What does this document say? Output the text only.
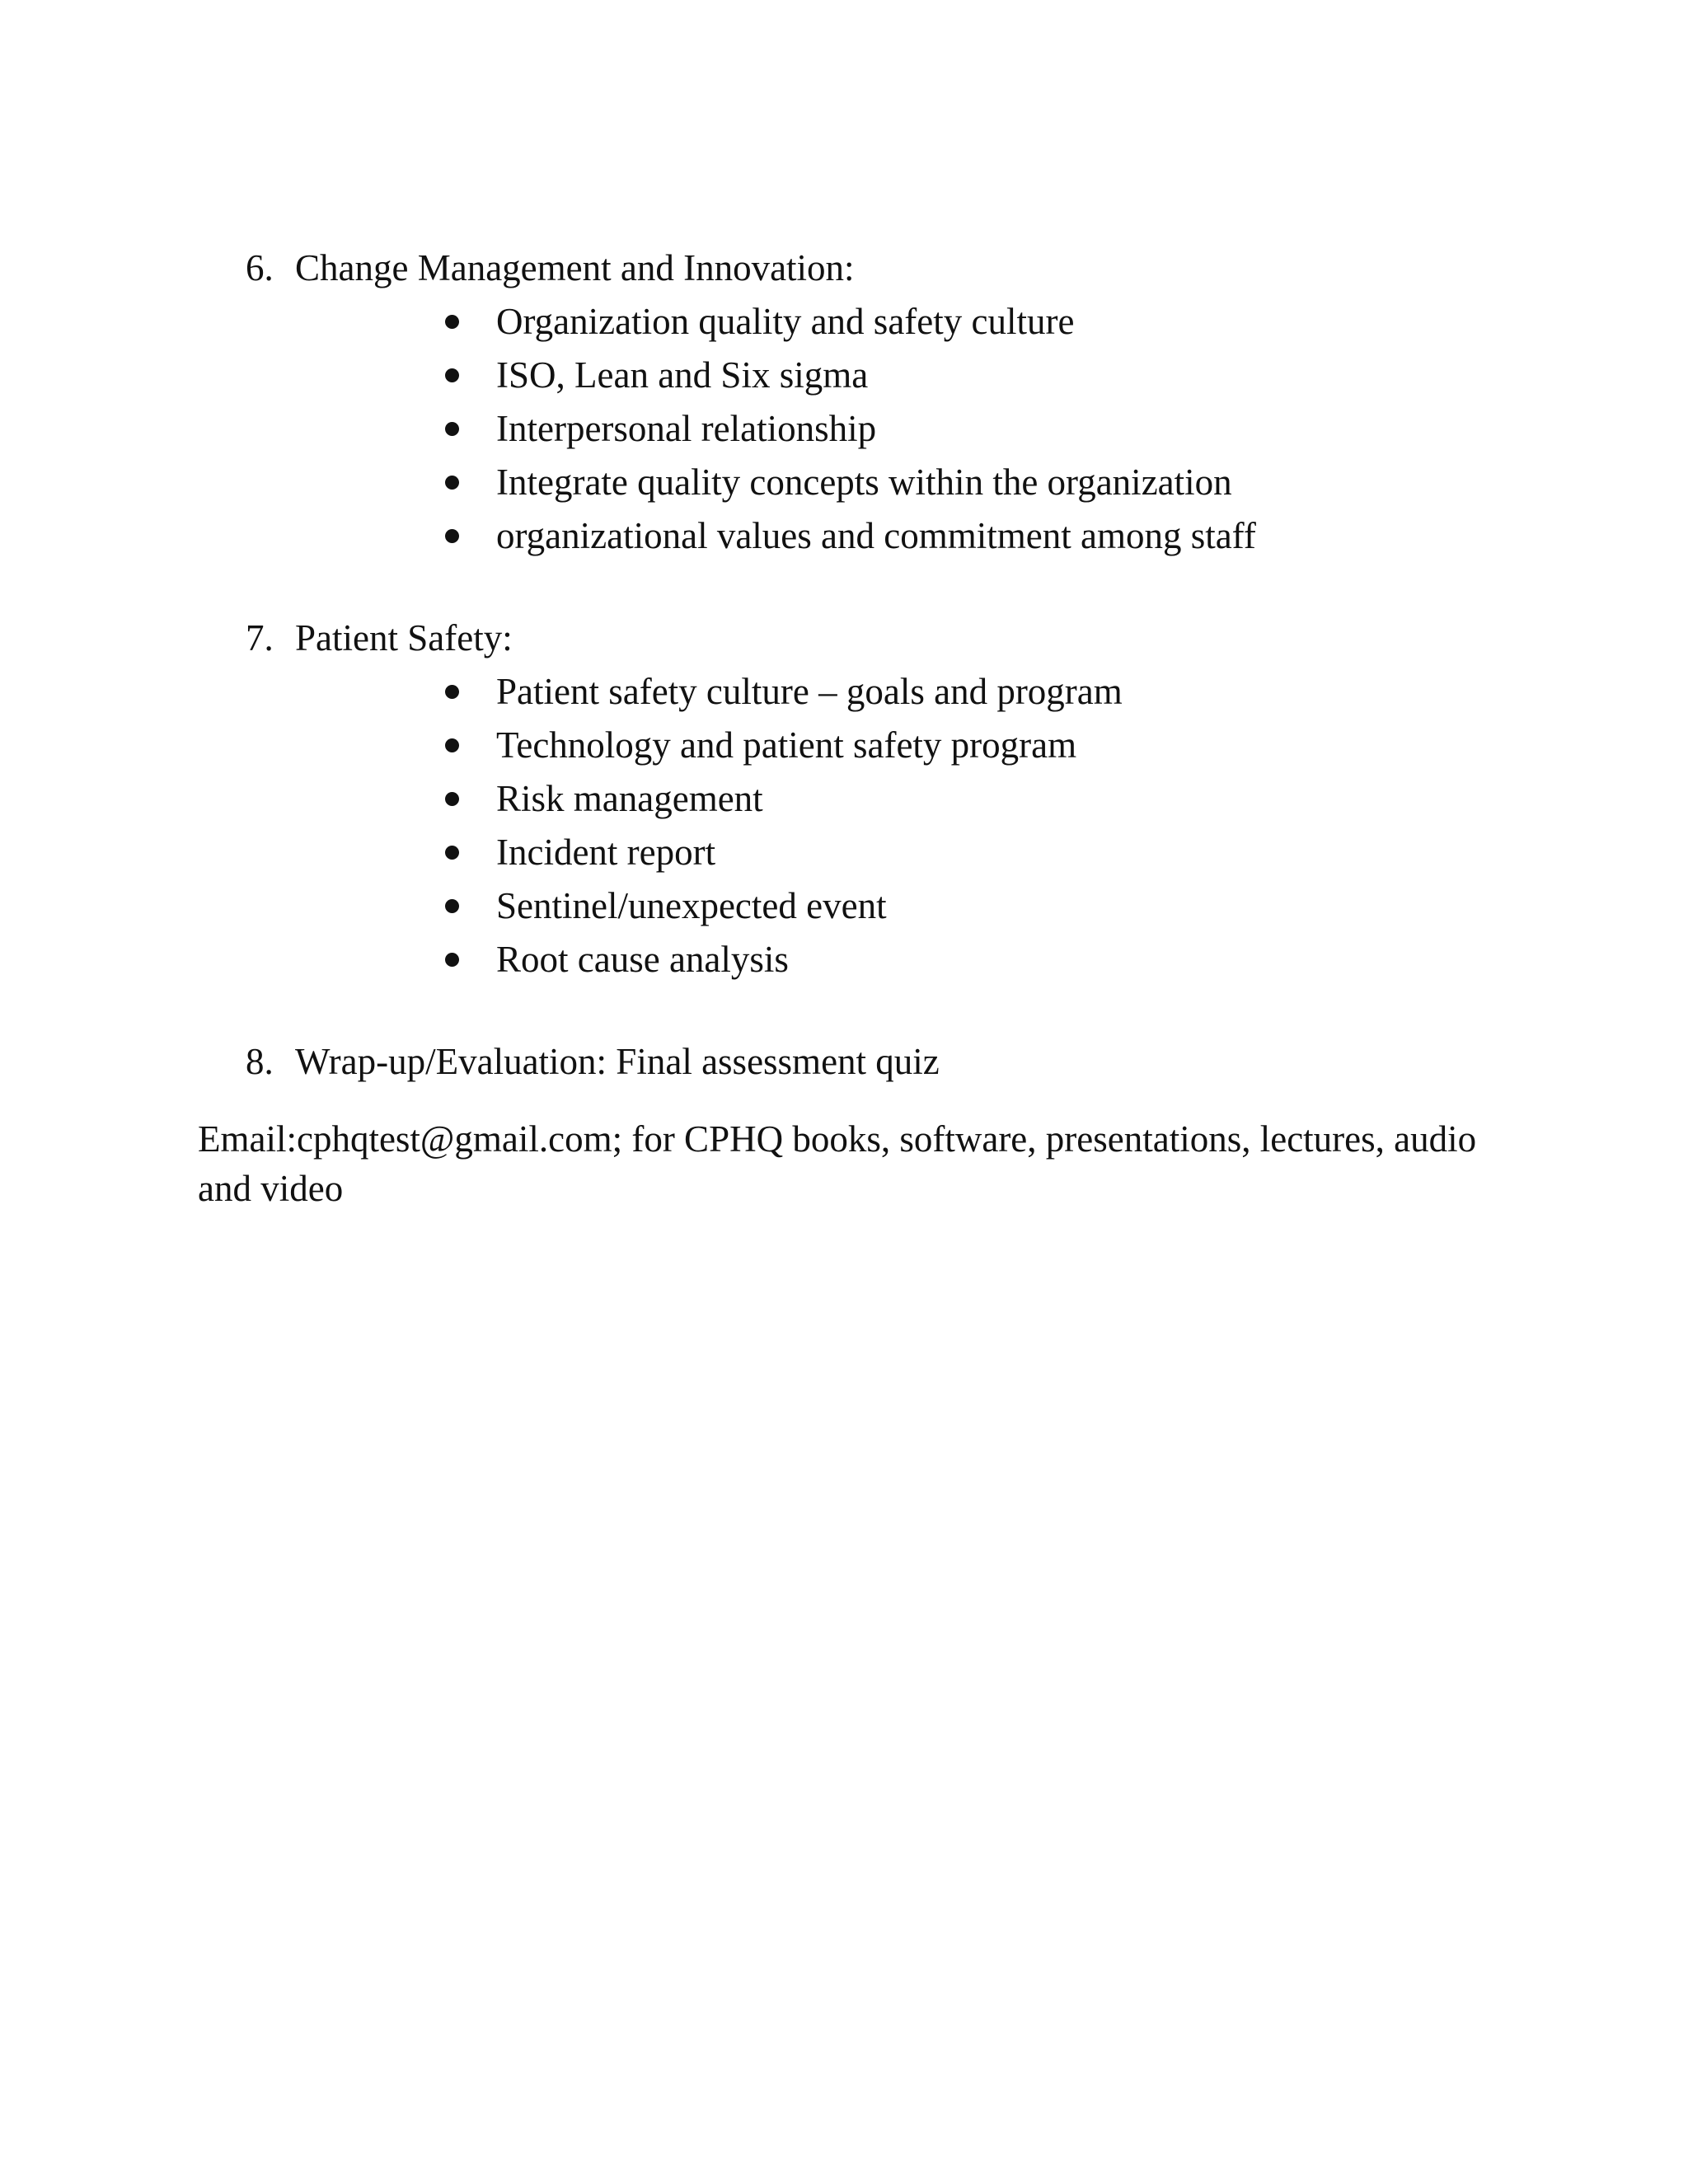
6. Change Management and Innovation:
Organization quality and safety culture
ISO, Lean and Six sigma
Interpersonal relationship
Integrate quality concepts within the organization
organizational values and commitment among staff
7. Patient Safety:
Patient safety culture – goals and program
Technology and patient safety program
Risk management
Incident report
Sentinel/unexpected event
Root cause analysis
8. Wrap-up/Evaluation: Final assessment quiz
Email:cphqtest@gmail.com; for CPHQ books, software, presentations, lectures, audio and video
